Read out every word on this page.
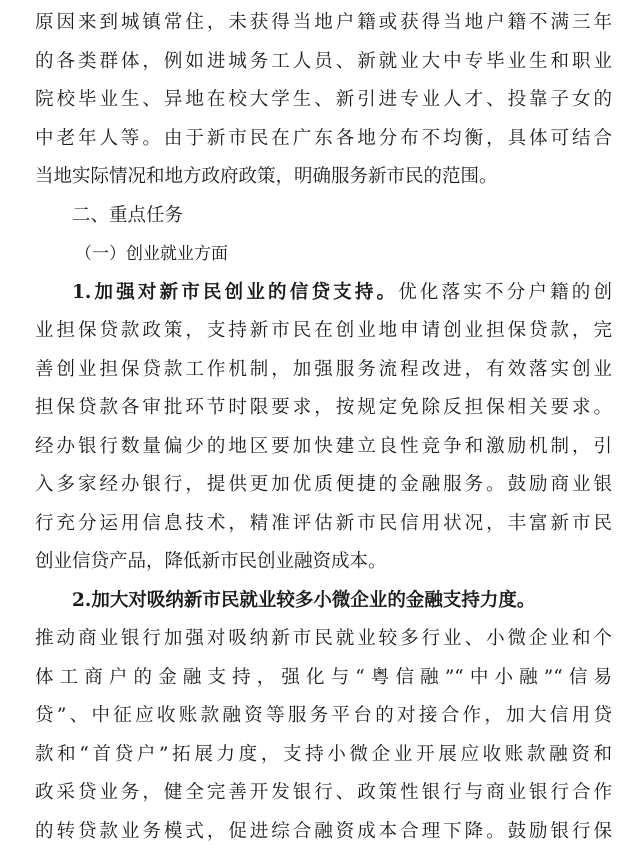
原因来到城镇常住，未获得当地户籍或获得当地户籍不满三年
的各类群体，例如进城务工人员、新就业大中专毕业生和职业
院校毕业生、异地在校大学生、新引进专业人才、投靠子女的
中老年人等。由于新市民在广东各地分布不均衡，具体可结合
当地实际情况和地方政府政策，明确服务新市民的范围。
二、重点任务
（一）创业就业方面
1.加强对新市民创业的信贷支持。优化落实不分户籍的创
业担保贷款政策，支持新市民在创业地申请创业担保贷款，完
善创业担保贷款工作机制，加强服务流程改进，有效落实创业
担保贷款各审批环节时限要求，按规定免除反担保相关要求。
经办银行数量偏少的地区要加快建立良性竞争和激励机制，引
入多家经办银行，提供更加优质便捷的金融服务。鼓励商业银
行充分运用信息技术，精准评估新市民信用状况，丰富新市民
创业信贷产品，降低新市民创业融资成本。
2.加大对吸纳新市民就业较多小微企业的金融支持力度。
推动商业银行加强对吸纳新市民就业较多行业、小微企业和个
体工商户的金融支持，强化与“粤信融”“中小融”“信易
贷”、中征应收账款融资等服务平台的对接合作，加大信用贷
款和“首贷户”拓展力度，支持小微企业开展应收账款融资和
政采贷业务，健全完善开发银行、政策性银行与商业银行合作
的转贷款业务模式，促进综合融资成本合理下降。鼓励银行保
